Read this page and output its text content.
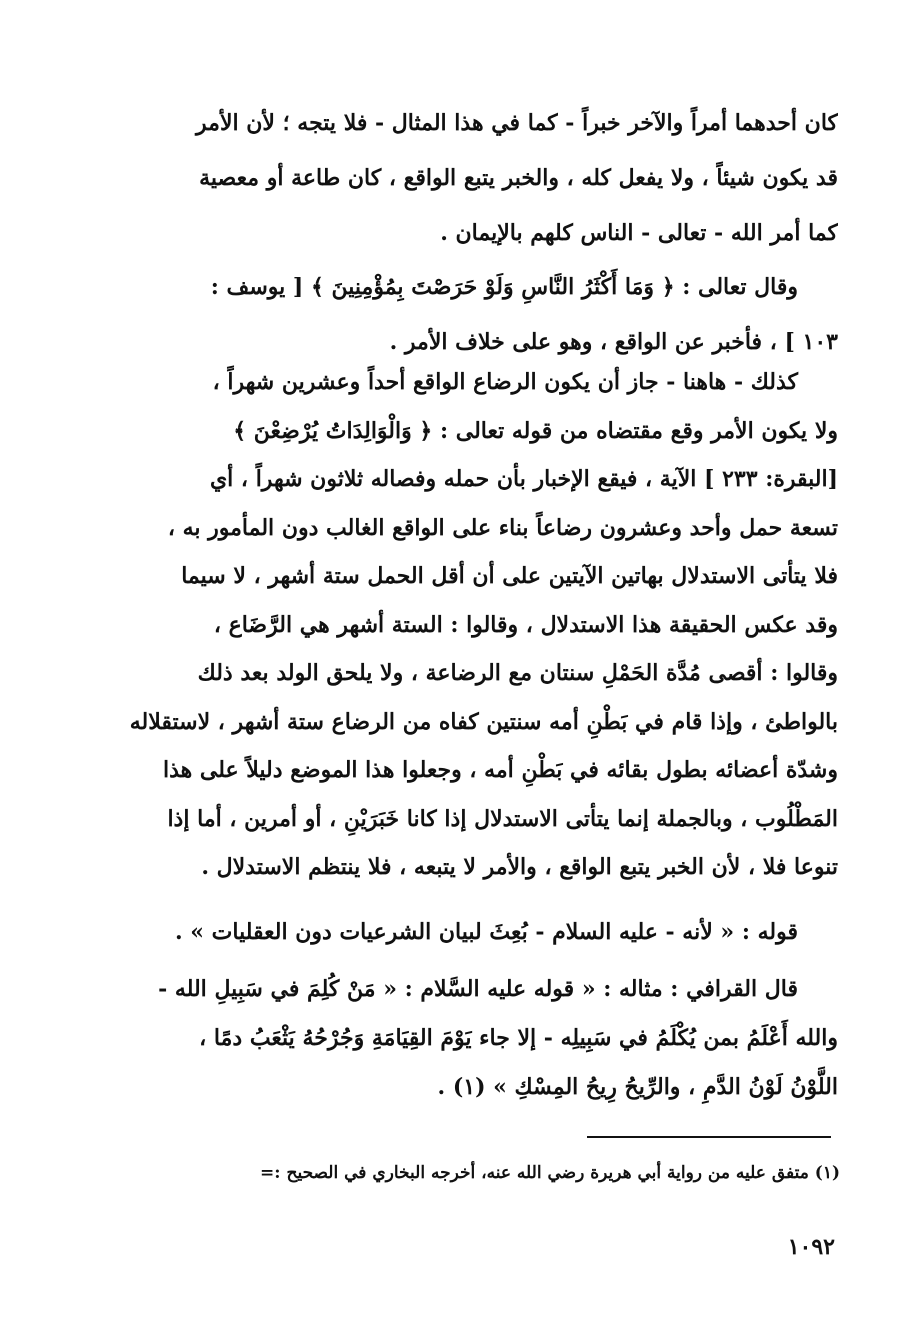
كان أحدهما أمراً والآخر خبراً - كما في هذا المثال - فلا يتجه ؛ لأن الأمر
قد يكون شيئاً ، ولا يفعل كله ، والخبر يتبع الواقع ، كان طاعة أو معصية
كما أمر الله - تعالى - الناس كلهم بالإيمان .
وقال تعالى : ﴿ وَمَا أَكْثَرُ النَّاسِ وَلَوْ حَرَصْتَ بِمُؤْمِنِينَ ﴾ [ يوسف :
١٠٣ ] ، فأخبر عن الواقع ، وهو على خلاف الأمر .
كذلك - هاهنا - جاز أن يكون الرضاع الواقع أحداً وعشرين شهراً ،
ولا يكون الأمر وقع مقتضاه من قوله تعالى : ﴿ وَالْوَالِدَاتُ يُرْضِعْنَ ﴾
[البقرة: ٢٣٣ ] الآية ، فيقع الإخبار بأن حمله وفصاله ثلاثون شهراً ، أي
تسعة حمل وأحد وعشرون رضاعاً بناء على الواقع الغالب دون المأمور به ،
فلا يتأتى الاستدلال بهاتين الآيتين على أن أقل الحمل ستة أشهر ، لا سيما
وقد عكس الحقيقة هذا الاستدلال ، وقالوا : الستة أشهر هي الرَّضَاع ،
وقالوا : أقصى مُدَّة الحَمْلِ سنتان مع الرضاعة ، ولا يلحق الولد بعد ذلك
بالواطئ ، وإذا قام في بَطْنِ أمه سنتين كفاه من الرضاع ستة أشهر ، لاستقلاله
وشدّة أعضائه بطول بقائه في بَطْنِ أمه ، وجعلوا هذا الموضع دليلاً على هذا
المَطْلُوب ، وبالجملة إنما يتأتى الاستدلال إذا كانا خَبَرَيْنِ ، أو أمرين ، أما إذا
تنوعا فلا ، لأن الخبر يتبع الواقع ، والأمر لا يتبعه ، فلا ينتظم الاستدلال .
قوله : « لأنه - عليه السلام - بُعِثَ لبيان الشرعيات دون العقليات » .
قال القرافي : مثاله : « قوله عليه السَّلام : « مَنْ كُلِمَ في سَبِيلِ الله -
والله أَعْلَمُ بمن يُكْلَمُ في سَبِيلِه - إلا جاء يَوْمَ القِيَامَةِ وَجُرْحُهُ يَثْعَبُ دمًا ،
اللَّوْنُ لَوْنُ الدَّمِ ، والرِّيحُ رِيحُ المِسْكِ » (١) .
(١) متفق عليه من رواية أبي هريرة رضي الله عنه، أخرجه البخاري في الصحيح :=
١٠٩٢
